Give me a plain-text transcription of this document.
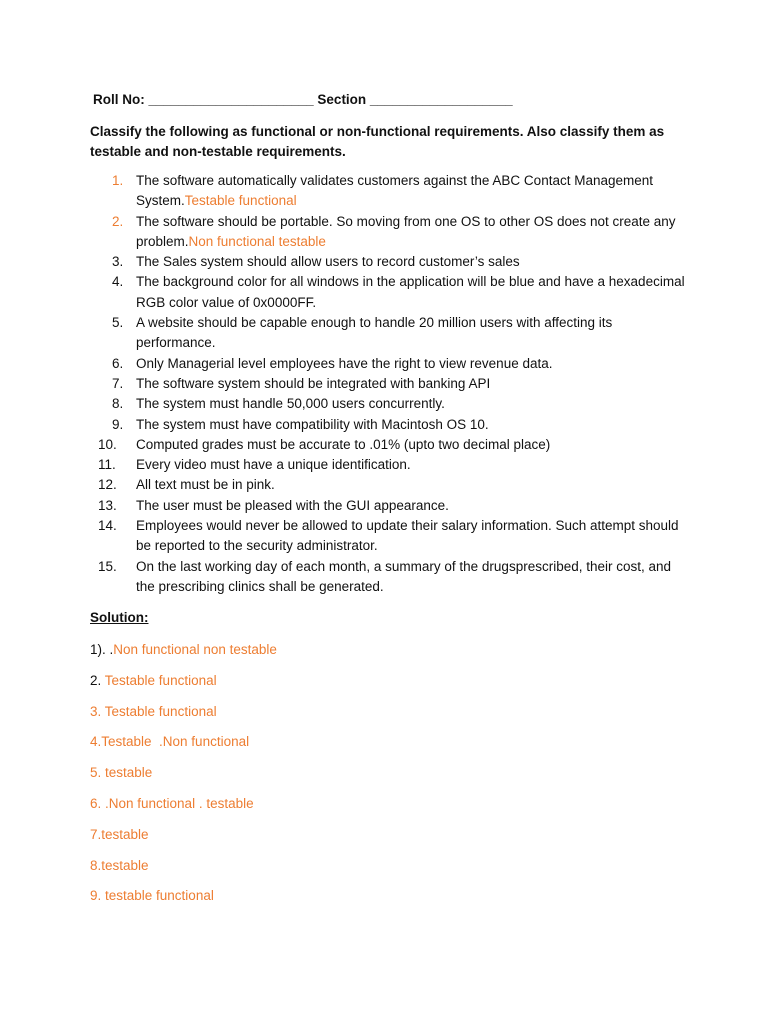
Roll No: ______________________ Section ___________________
Classify the following as functional or non-functional requirements. Also classify them as testable and non-testable requirements.
1. The software automatically validates customers against the ABC Contact Management System.Testable functional
2. The software should be portable. So moving from one OS to other OS does not create any problem.Non functional testable
3. The Sales system should allow users to record customer’s sales
4. The background color for all windows in the application will be blue and have a hexadecimal RGB color value of 0x0000FF.
5. A website should be capable enough to handle 20 million users with affecting its performance.
6. Only Managerial level employees have the right to view revenue data.
7. The software system should be integrated with banking API
8. The system must handle 50,000 users concurrently.
9. The system must have compatibility with Macintosh OS 10.
10. Computed grades must be accurate to .01% (upto two decimal place)
11. Every video must have a unique identification.
12. All text must be in pink.
13. The user must be pleased with the GUI appearance.
14. Employees would never be allowed to update their salary information. Such attempt should be reported to the security administrator.
15. On the last working day of each month, a summary of the drugsprescribed, their cost, and the prescribing clinics shall be generated.
Solution:
1). .Non functional non testable
2. Testable functional
3. Testable functional
4.Testable  .Non functional
5. testable
6. .Non functional . testable
7.testable
8.testable
9. testable functional
